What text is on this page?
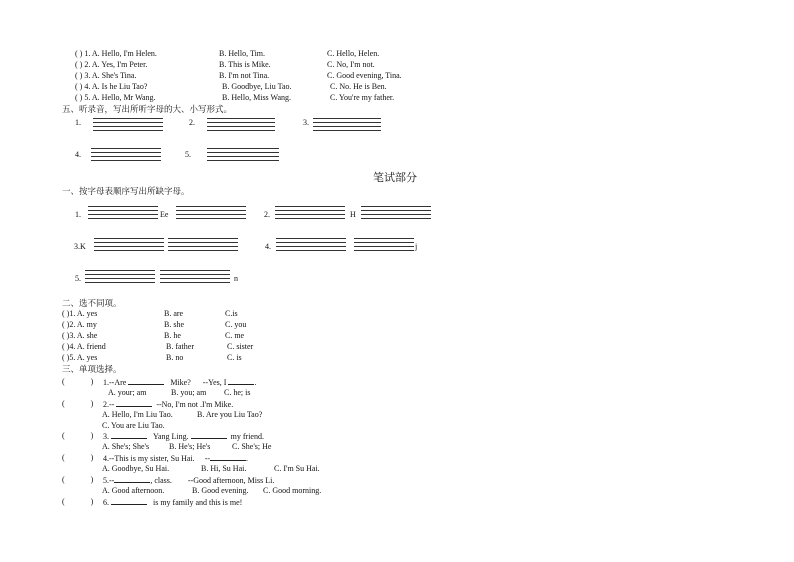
( ) 1. A. Hello, I'm Helen.	B. Hello, Tim.	C. Hello, Helen.
( ) 2. A. Yes, I'm Peter.	B. This is Mike.	C. No, I'm not.
( ) 3. A. She's Tina.	B. I'm not Tina.	C. Good evening, Tina.
( ) 4. A. Is he Liu Tao?	B. Goodbye, Liu Tao.	C. No. He is Ben.
( ) 5. A. Hello, Mr Wang.	B. Hello, Miss Wang.	C. You're my father.
五、听录音，写出所听字母的大、小写形式。
1.	2.	3.
4.	5.
笔试部分
一、按字母表顺序写出所缺字母。
1.	Ee	2.	H
3.K	4.	j
5.	n
二、选不同项。
( )1. A. yes	B. are	C.is
( )2. A. my	B. she	C. you
( )3. A. she	B. he	C. me
( )4. A. friend	B. father	C. sister
( )5. A. yes	B. no	C. is
三、单项选择。
( ) 1.--Are	Mike? --Yes, I	.
A. your; am	B. you; am C. he; is
( ) 2.--	--No, I'm not .I'm Mike.
A. Hello, I'm Liu Tao.	B. Are you Liu Tao?
C. You are Liu Tao.
( ) 3.	Yang Ling.	my friend.
A. She's; She's B. He's; He's	C. She's; He
( ) 4.--This is my sister, Su Hai. --	.
A. Goodbye, Su Hai.	B. Hi, Su Hai.	C. I'm Su Hai.
( ) 5.--	, class. --Good afternoon, Miss Li.
A. Good afternoon.	B. Good evening. C. Good morning.
( ) 6.	is my family and this is me!
